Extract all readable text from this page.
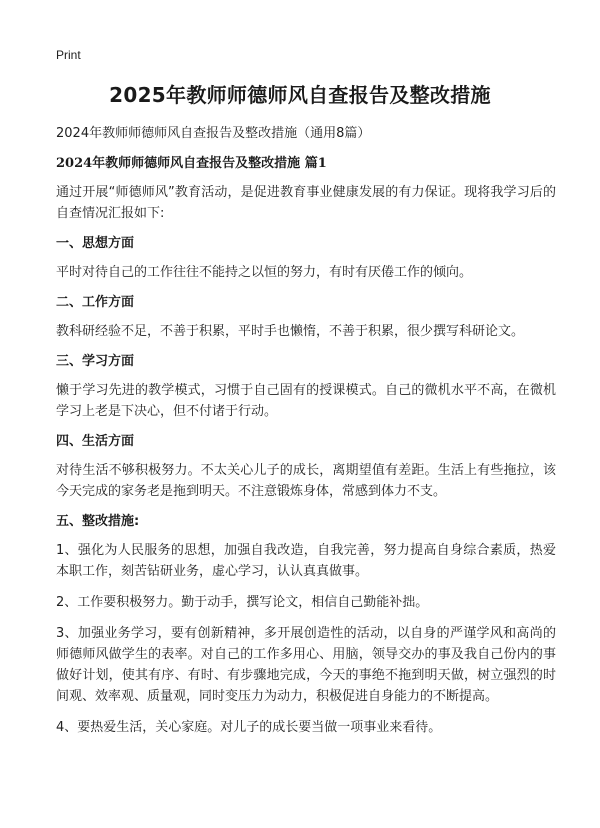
Print
2025年教师师德师风自查报告及整改措施
2024年教师师德师风自查报告及整改措施（通用8篇）
2024年教师师德师风自查报告及整改措施 篇1
通过开展“师德师风”教育活动，是促进教育事业健康发展的有力保证。现将我学习后的自查情况汇报如下:
一、思想方面
平时对待自己的工作往往不能持之以恒的努力，有时有厌倦工作的倾向。
二、工作方面
教科研经验不足，不善于积累，平时手也懒惰，不善于积累，很少撰写科研论文。
三、学习方面
懒于学习先进的教学模式，习惯于自己固有的授课模式。自己的微机水平不高，在微机学习上老是下决心，但不付诸于行动。
四、生活方面
对待生活不够积极努力。不太关心儿子的成长，离期望值有差距。生活上有些拖拉，该今天完成的家务老是拖到明天。不注意锻炼身体，常感到体力不支。
五、整改措施:
1、强化为人民服务的思想，加强自我改造，自我完善，努力提高自身综合素质，热爱本职工作，刻苦钻研业务，虚心学习，认认真真做事。
2、工作要积极努力。勤于动手，撰写论文，相信自己勤能补拙。
3、加强业务学习，要有创新精神，多开展创造性的活动，以自身的严谨学风和高尚的师德师风做学生的表率。对自己的工作多用心、用脑，领导交办的事及我自己份内的事做好计划，使其有序、有时、有步骤地完成，今天的事绝不拖到明天做，树立强烈的时间观、效率观、质量观，同时变压力为动力，积极促进自身能力的不断提高。
4、要热爱生活，关心家庭。对儿子的成长要当做一项事业来看待。
